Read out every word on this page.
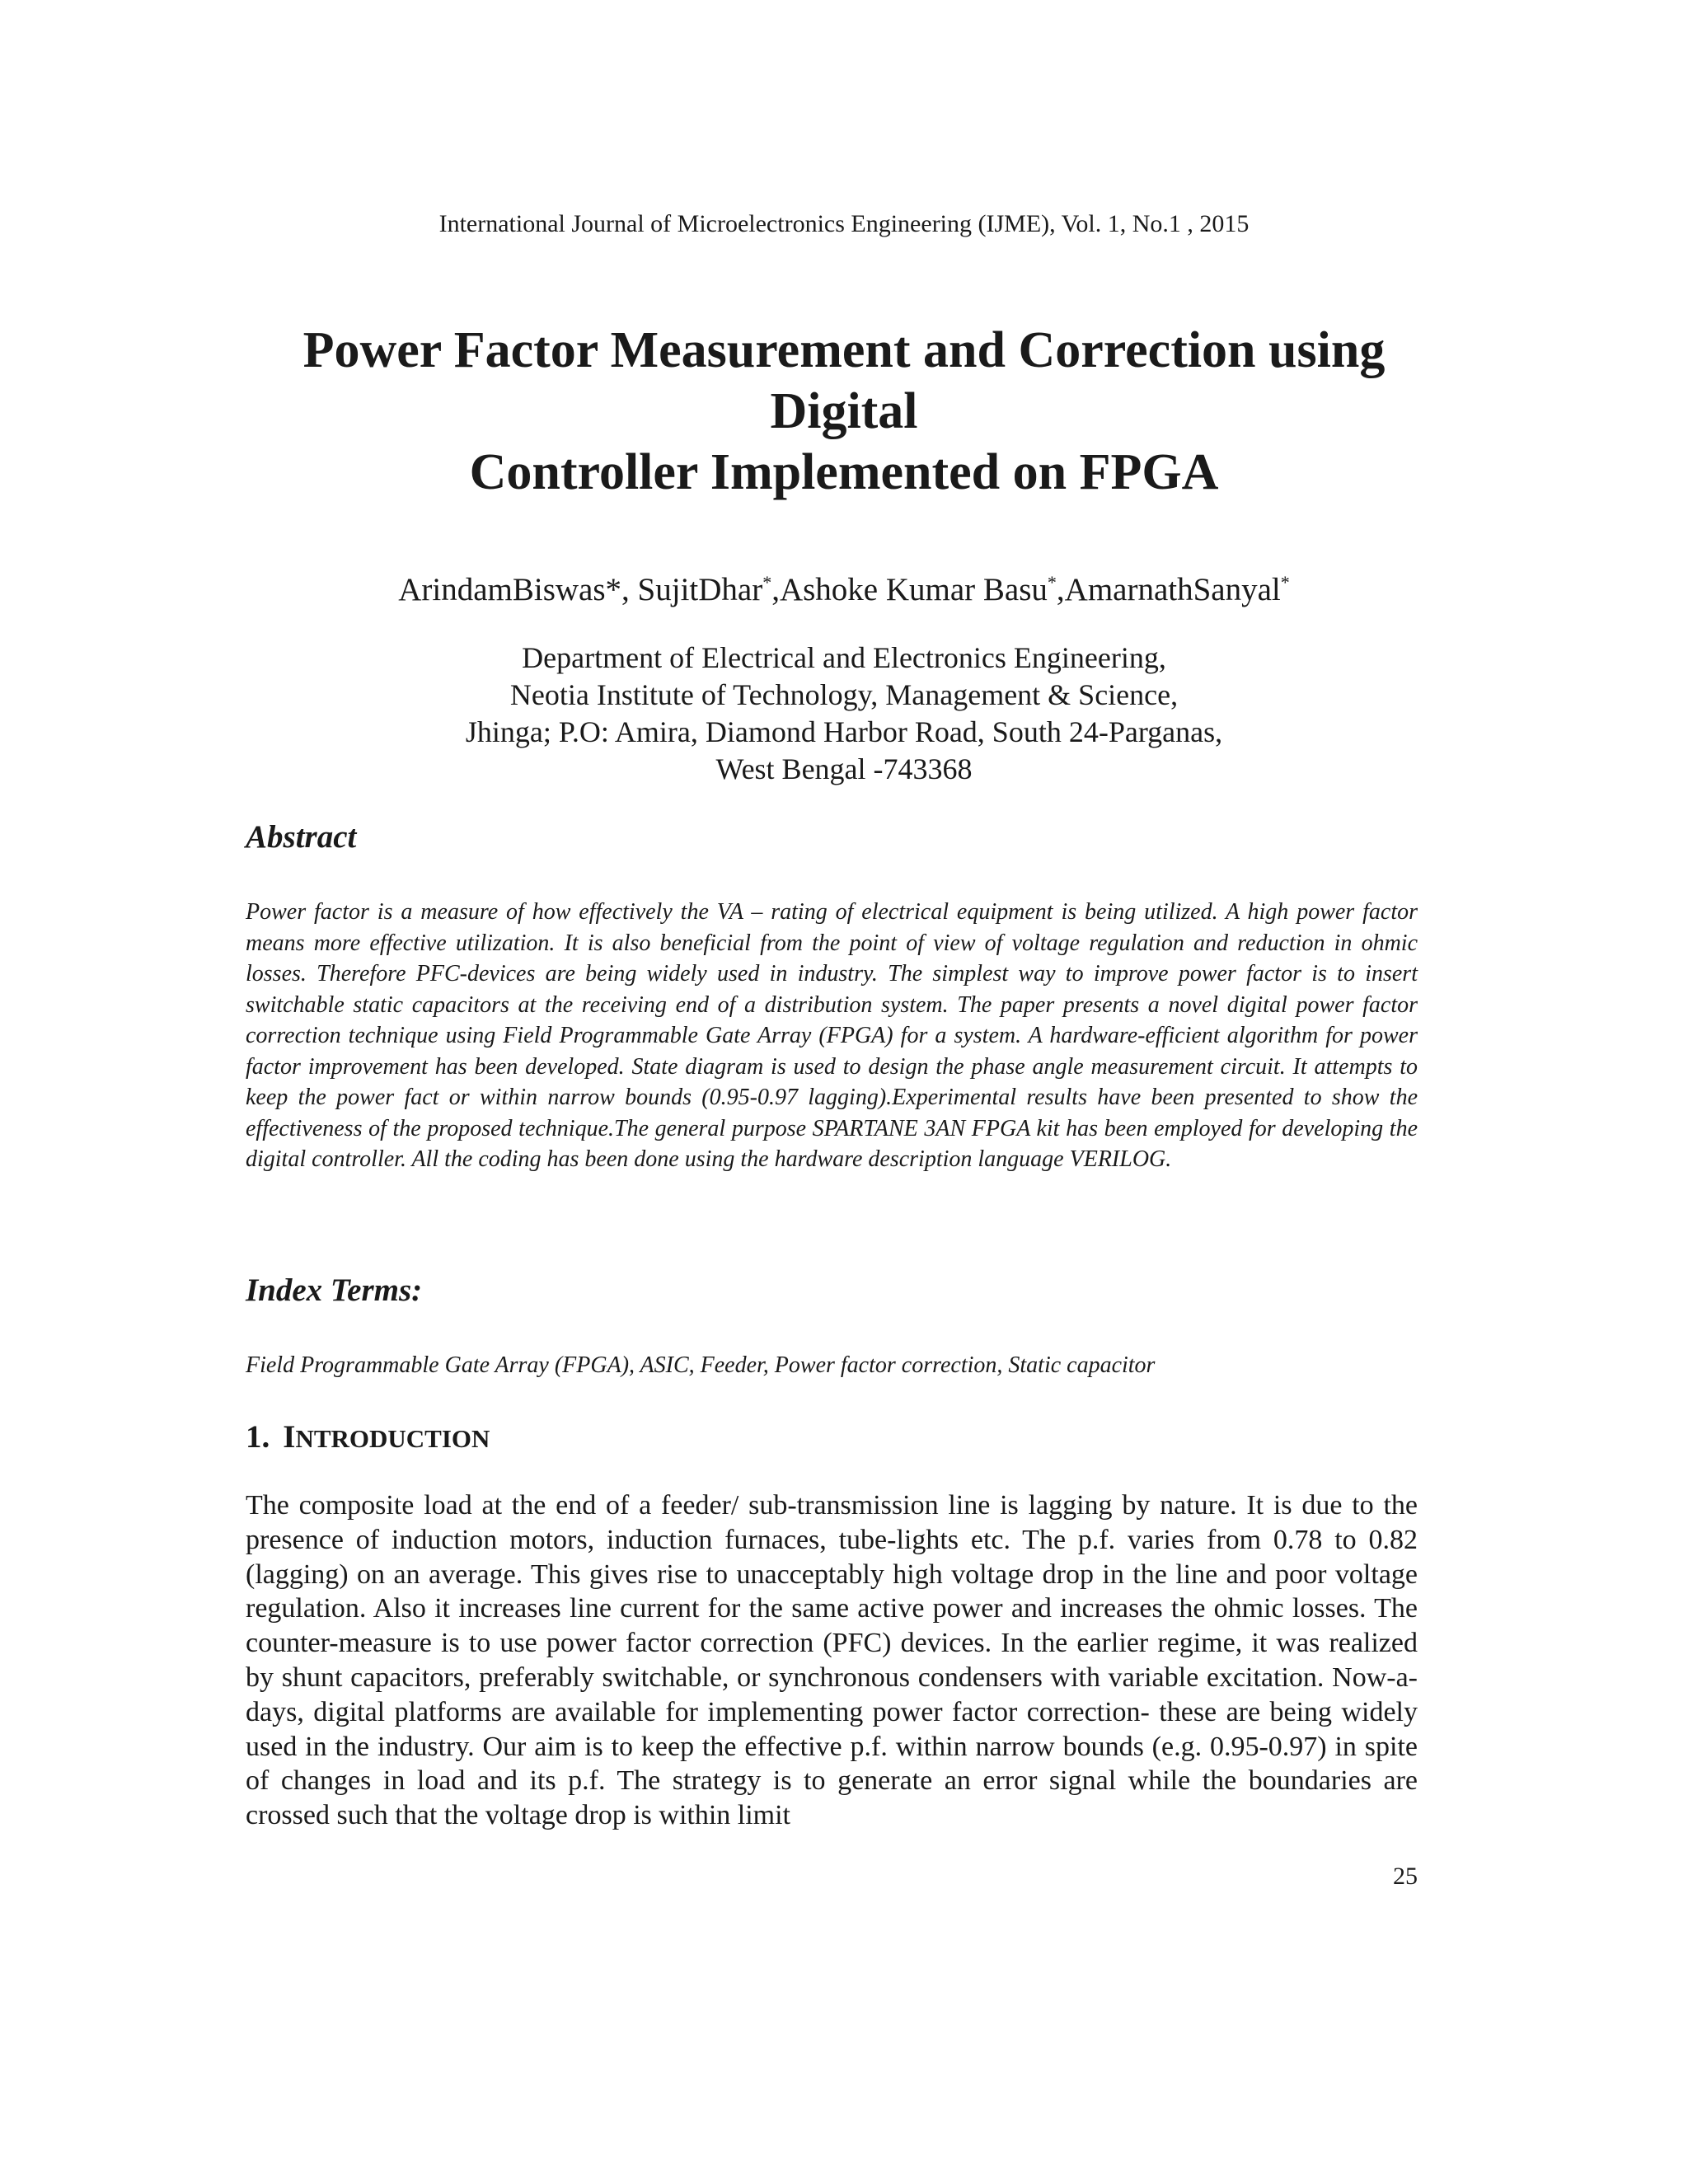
International Journal of Microelectronics Engineering (IJME), Vol. 1, No.1 , 2015
Power Factor Measurement and Correction using
Digital
Controller Implemented on FPGA
ArindamBiswas*, SujitDhar*,Ashoke Kumar Basu*,AmarnathSanyal*
Department of Electrical and Electronics Engineering,
Neotia Institute of Technology, Management & Science,
Jhinga; P.O: Amira, Diamond Harbor Road, South 24-Parganas,
West Bengal -743368
Abstract
Power factor is a measure of how effectively the VA – rating of electrical equipment is being utilized. A high power factor means more effective utilization. It is also beneficial from the point of view of voltage regulation and reduction in ohmic losses. Therefore PFC-devices are being widely used in industry. The simplest way to improve power factor is to insert switchable static capacitors at the receiving end of a distribution system. The paper presents a novel digital power factor correction technique using Field Programmable Gate Array (FPGA) for a system. A hardware-efficient algorithm for power factor improvement has been developed. State diagram is used to design the phase angle measurement circuit. It attempts to keep the power fact or within narrow bounds (0.95-0.97 lagging).Experimental results have been presented to show the effectiveness of the proposed technique.The general purpose SPARTANE 3AN FPGA kit has been employed for developing the digital controller. All the coding has been done using the hardware description language VERILOG.
Index Terms:
Field Programmable Gate Array (FPGA), ASIC, Feeder, Power factor correction, Static capacitor
1. INTRODUCTION
The composite load at the end of a feeder/ sub-transmission line is lagging by nature. It is due to the presence of induction motors, induction furnaces, tube-lights etc. The p.f. varies from 0.78 to 0.82 (lagging) on an average. This gives rise to unacceptably high voltage drop in the line and poor voltage regulation. Also it increases line current for the same active power and increases the ohmic losses. The counter-measure is to use power factor correction (PFC) devices. In the earlier regime, it was realized by shunt capacitors, preferably switchable, or synchronous condensers with variable excitation. Now-a-days, digital platforms are available for implementing power factor correction- these are being widely used in the industry. Our aim is to keep the effective p.f. within narrow bounds (e.g. 0.95-0.97) in spite of changes in load and its p.f. The strategy is to generate an error signal while the boundaries are crossed such that the voltage drop is within limit
25
